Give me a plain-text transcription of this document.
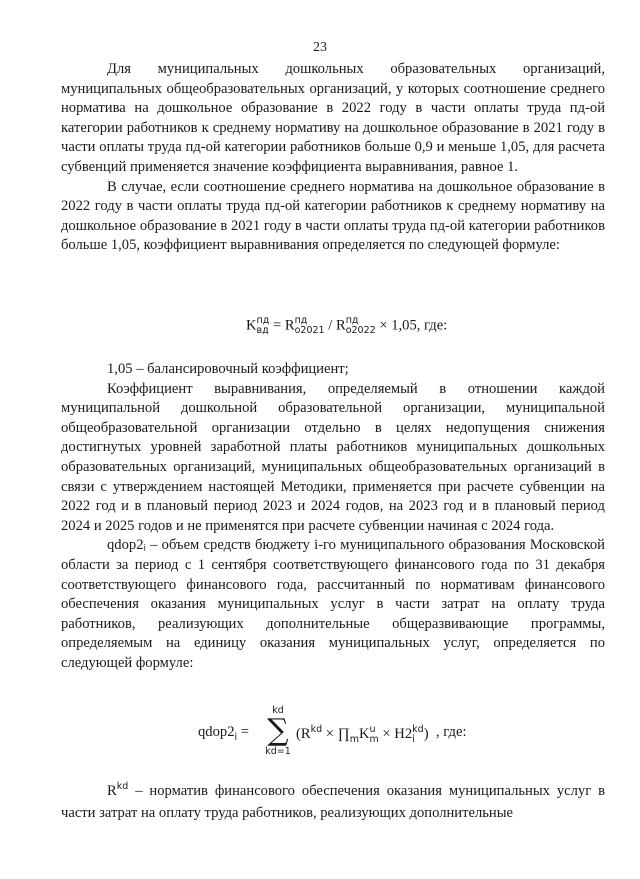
23

Для муниципальных дошкольных образовательных организаций, муниципальных общеобразовательных организаций, у которых соотношение среднего норматива на дошкольное образование в 2022 году в части оплаты труда пд-ой категории работников к среднему нормативу на дошкольное образование в 2021 году в части оплаты труда пд-ой категории работников больше 0,9 и меньше 1,05, для расчета субвенций применяется значение коэффициента выравнивания, равное 1.

В случае, если соотношение среднего норматива на дошкольное образование в 2022 году в части оплаты труда пд-ой категории работников к среднему нормативу на дошкольное образование в 2021 году в части оплаты труда пд-ой категории работников больше 1,05, коэффициент выравнивания определяется по следующей формуле:

K пд
вд = R пд
о2021 / R пд
о2022 × 1,05, где:

1,05 – балансировочный коэффициент;

Коэффициент выравнивания, определяемый в отношении каждой муниципальной дошкольной образовательной организации, муниципальной общеобразовательной организации отдельно в целях недопущения снижения достигнутых уровней заработной платы работников муниципальных дошкольных образовательных организаций, муниципальных общеобразовательных организаций в связи с утверждением настоящей Методики, применяется при расчете субвенции на 2022 год и в плановый период 2023 и 2024 годов, на 2023 год и в плановый период 2024 и 2025 годов и не применятся при расчете субвенции начиная с 2024 года.

qdop2ᵢ – объем средств бюджету i-го муниципального образования Московской области за период с 1 сентября соответствующего финансового года по 31 декабря соответствующего финансового года, рассчитанный по нормативам финансового обеспечения оказания муниципальных услуг в части затрат на оплату труда работников, реализующих дополнительные общеразвивающие программы, определяемым на единицу оказания муниципальных услуг, определяется по следующей формуле:

$qdop2_i$ =
kd
∑
kd=1
($R^{kd}$ × $\prod_mK$ u
m × H2 kd
i ) , где:

$R^{kd}$ – норматив финансового обеспечения оказания муниципальных услуг в части затрат на оплату труда работников, реализующих дополнительные
